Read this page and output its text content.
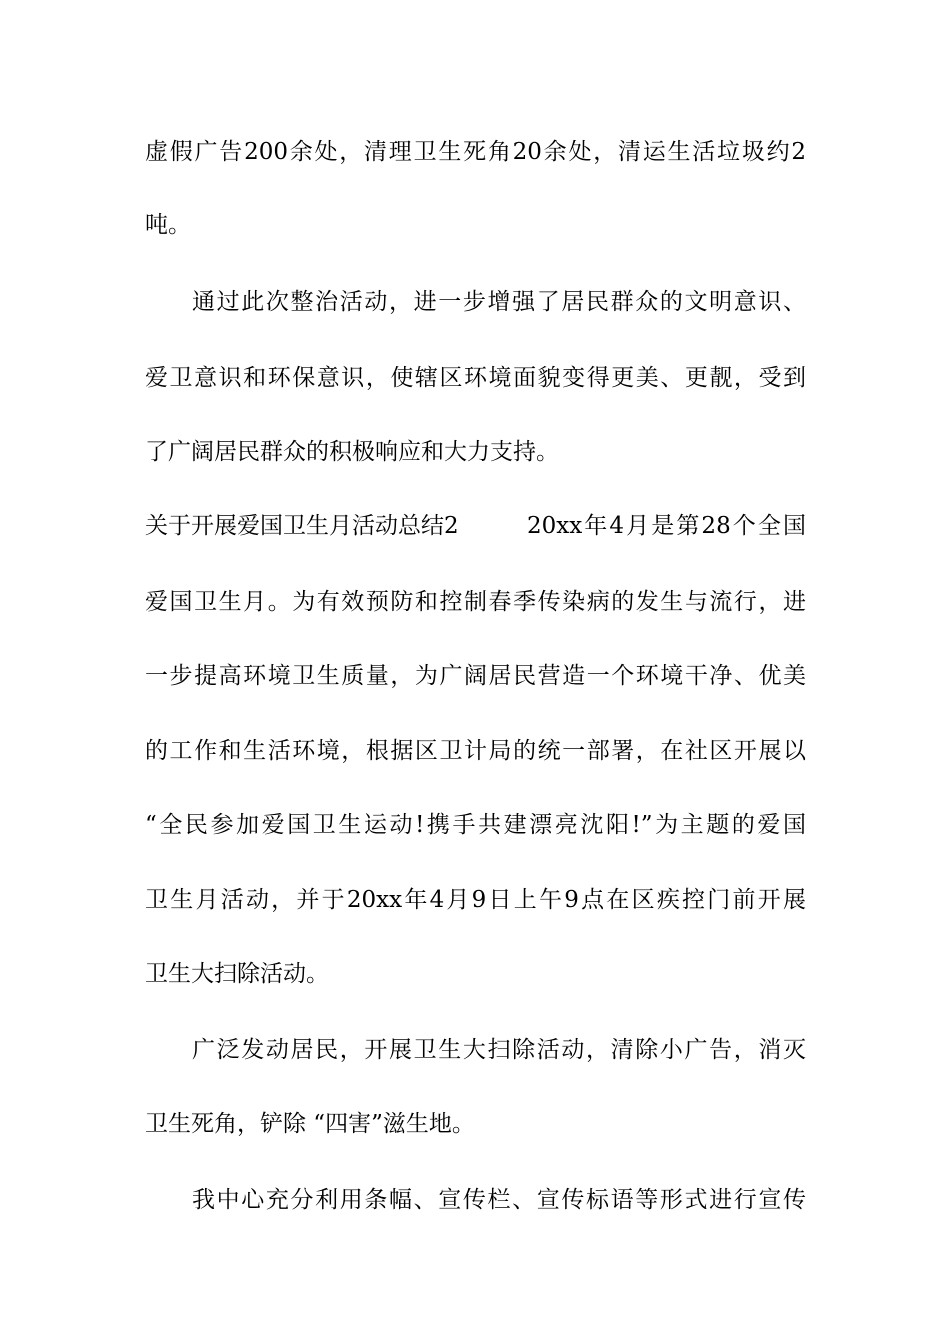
虚假广告200余处，清理卫生死角20余处，清运生活垃圾约2
吨。
通过此次整治活动，进一步增强了居民群众的文明意识、
爱卫意识和环保意识，使辖区环境面貌变得更美、更靓，受到
了广阔居民群众的积极响应和大力支持。
关于开展爱国卫生月活动总结2	20xx年4月是第28个全国
爱国卫生月。为有效预防和控制春季传染病的发生与流行，进
一步提高环境卫生质量，为广阔居民营造一个环境干净、优美
的工作和生活环境，根据区卫计局的统一部署，在社区开展以
“全民参加爱国卫生运动!携手共建漂亮沈阳!”为主题的爱国
卫生月活动，并于20xx年4月9日上午9点在区疾控门前开展
卫生大扫除活动。
广泛发动居民，开展卫生大扫除活动，清除小广告，消灭
卫生死角，铲除 “四害”滋生地。
我中心充分利用条幅、宣传栏、宣传标语等形式进行宣传
